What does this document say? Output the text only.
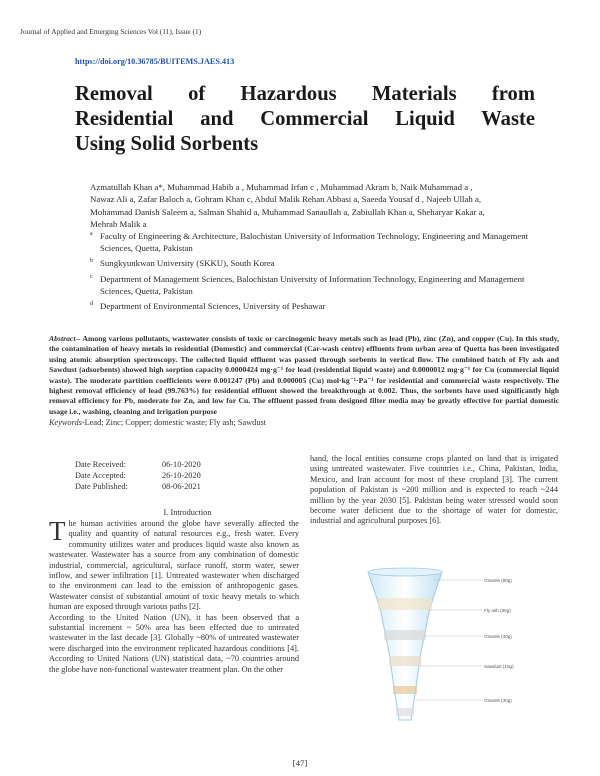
Journal of Applied and Emerging Sciences Vol (11), Issue (1)
https://doi.org/10.36785/BUITEMS.JAES.413
Removal of Hazardous Materials from
Residential and Commercial Liquid Waste
Using Solid Sorbents
Azmatullah Khan a*, Muhammad Habib a , Muhammad Irfan c , Muhammad Akram b, Naik Muhammad a ,
Nawaz Ali a, Zafar Baloch a, Gohram Khan c, Abdul Malik Rehan Abbasi a, Saeeda Yousaf d , Najeeb Ullah a,
Mohammad Danish Saleem a, Salman Shahid a, Muhammad Sanaullah a, Zabiullah Khan a, Sheharyar Kakar a,
Mehrab Malik a
a Faculty of Engineering & Architecture, Balochistan University of Information Technology, Engineering and Management Sciences, Quetta, Pakistan
b Sungkyunkwan University (SKKU), South Korea
c Department of Management Sciences, Balochistan University of Information Technology, Engineering and Management Sciences, Quetta, Pakistan
d Department of Environmental Sciences, University of Peshawar
Abstract-- Among various pollutants, wastewater consists of toxic or carcinogenic heavy metals such as lead (Pb), zinc (Zn), and copper (Cu). In this study, the contamination of heavy metals in residential (Domestic) and commercial (Car-wash centre) effluents from urban area of Quetta has been investigated using atomic absorption spectroscopy. The collected liquid effluent was passed through sorbents in vertical flow. The combined batch of Fly ash and Sawdust (adsorbents) showed high sorption capacity 0.0000424 mg·g⁻¹ for lead (residential liquid waste) and 0.0000012 mg·g⁻¹ for Cu (commercial liquid waste). The moderate partition coefficients were 0.001247 (Pb) and 0.000005 (Cu) mol·kg⁻¹·Pa⁻¹ for residential and commercial waste respectively. The highest removal efficiency of lead (99.763%) for residential effluent showed the breakthrough at 0.002. Thus, the sorbents have used significantly high removal efficiency for Pb, moderate for Zn, and low for Cu. The effluent passed from designed filter media may be greatly effective for partial domestic usage i.e., washing, cleaning and irrigation purpose
Keywords-Lead; Zinc; Copper; domestic waste; Fly ash; Sawdust
Date Received:	06-10-2020
Date Accepted:	26-10-2020
Date Published:	08-06-2021
I. Introduction
The human activities around the globe have severally affected the quality and quantity of natural resources e.g., fresh water. Every community utilizes water and produces liquid waste also known as wastewater. Wastewater has a source from any combination of domestic industrial, commercial, agricultural, surface runoff, storm water, sewer inflow, and sewer infiltration [1]. Untreated wastewater when discharged to the environment can lead to the emission of anthropogenic gases. Wastewater consist of substantial amount of toxic heavy metals to which human are exposed through various paths [2].
According to the United Nation (UN), it has been observed that a substantial increment ~ 50% area has been effected due to untreated wastewater in the last decade [3]. Globally ~80% of untreated wastewater were discharged into the environment replicated hazardous conditions [4]. According to United Nations (UN) statistical data, ~70 countries around the globe have non-functional wastewater treatment plan. On the other
hand, the local entities consume crops planted on land that is irrigated using untreated wastewater. Five countries i.e., China, Pakistan, India, Mexico, and Iran account for most of these cropland [3]. The current population of Pakistan is ~200 million and is expected to reach ~244 million by the year 2030 [5]. Pakistan being water stressed would soon become water deficient due to the shortage of water for domestic, industrial and agricultural purposes [6].
Gravels (80g)
Fly ash (30g)
Gravels (40g)
Sawdust (15g)
Gravels (30g)
[47]
